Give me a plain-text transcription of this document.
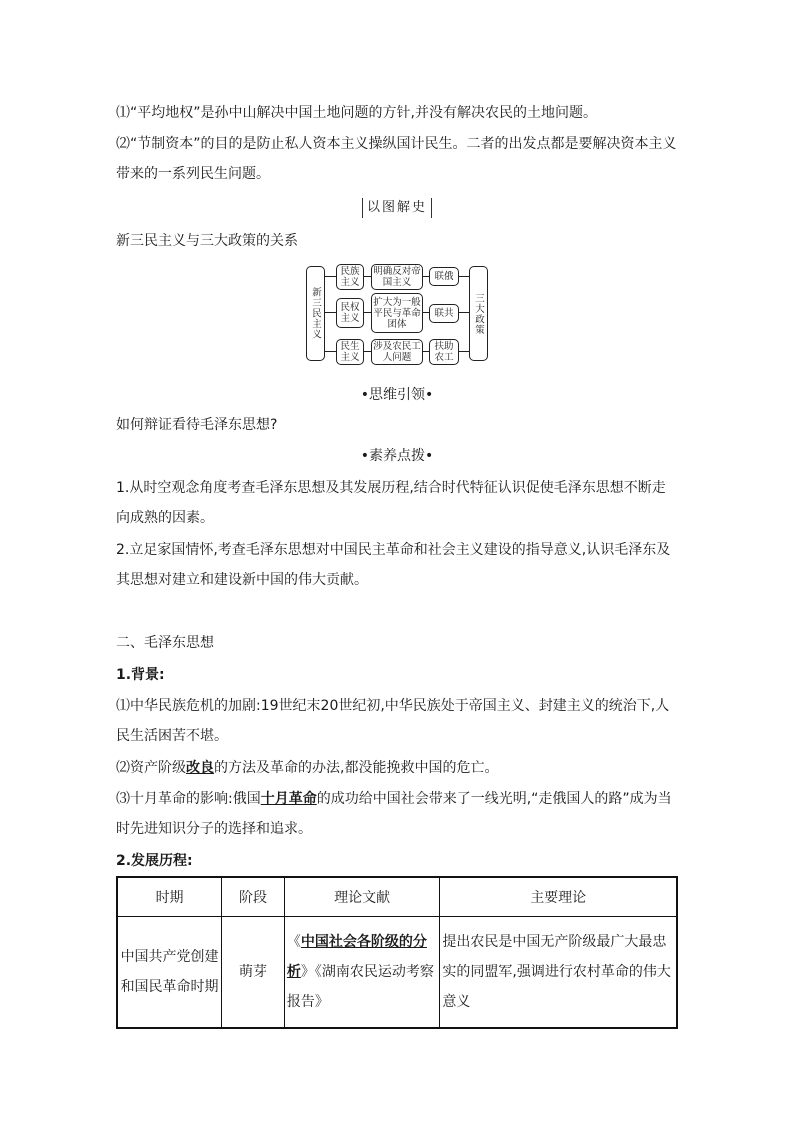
⑴“平均地权”是孙中山解决中国土地问题的方针,并没有解决农民的土地问题。
⑵“节制资本”的目的是防止私人资本主义操纵国计民生。二者的出发点都是要解决资本主义带来的一系列民生问题。
以图解史
新三民主义与三大政策的关系
新三民主义	三大政策
民族主义
明确反对帝国主义
联俄
民权主义
扩大为一般平民与革命团体
联共
民生主义
涉及农民工人问题
扶助农工
•思维引领•
如何辩证看待毛泽东思想?
•素养点拨•
1.从时空观念角度考查毛泽东思想及其发展历程,结合时代特征认识促使毛泽东思想不断走向成熟的因素。
2.立足家国情怀,考查毛泽东思想对中国民主革命和社会主义建设的指导意义,认识毛泽东及其思想对建立和建设新中国的伟大贡献。
二、毛泽东思想
1.背景:
⑴中华民族危机的加剧:19世纪末20世纪初,中华民族处于帝国主义、封建主义的统治下,人民生活困苦不堪。
⑵资产阶级改良的方法及革命的办法,都没能挽救中国的危亡。
⑶十月革命的影响:俄国十月革命的成功给中国社会带来了一线光明,“走俄国人的路”成为当时先进知识分子的选择和追求。
2.发展历程:
时期	阶段	理论文献	主要理论
中国共产党创建和国民革命时期	萌芽	《中国社会各阶级的分析》《湖南农民运动考察报告》	提出农民是中国无产阶级最广大最忠实的同盟军,强调进行农村革命的伟大意义
